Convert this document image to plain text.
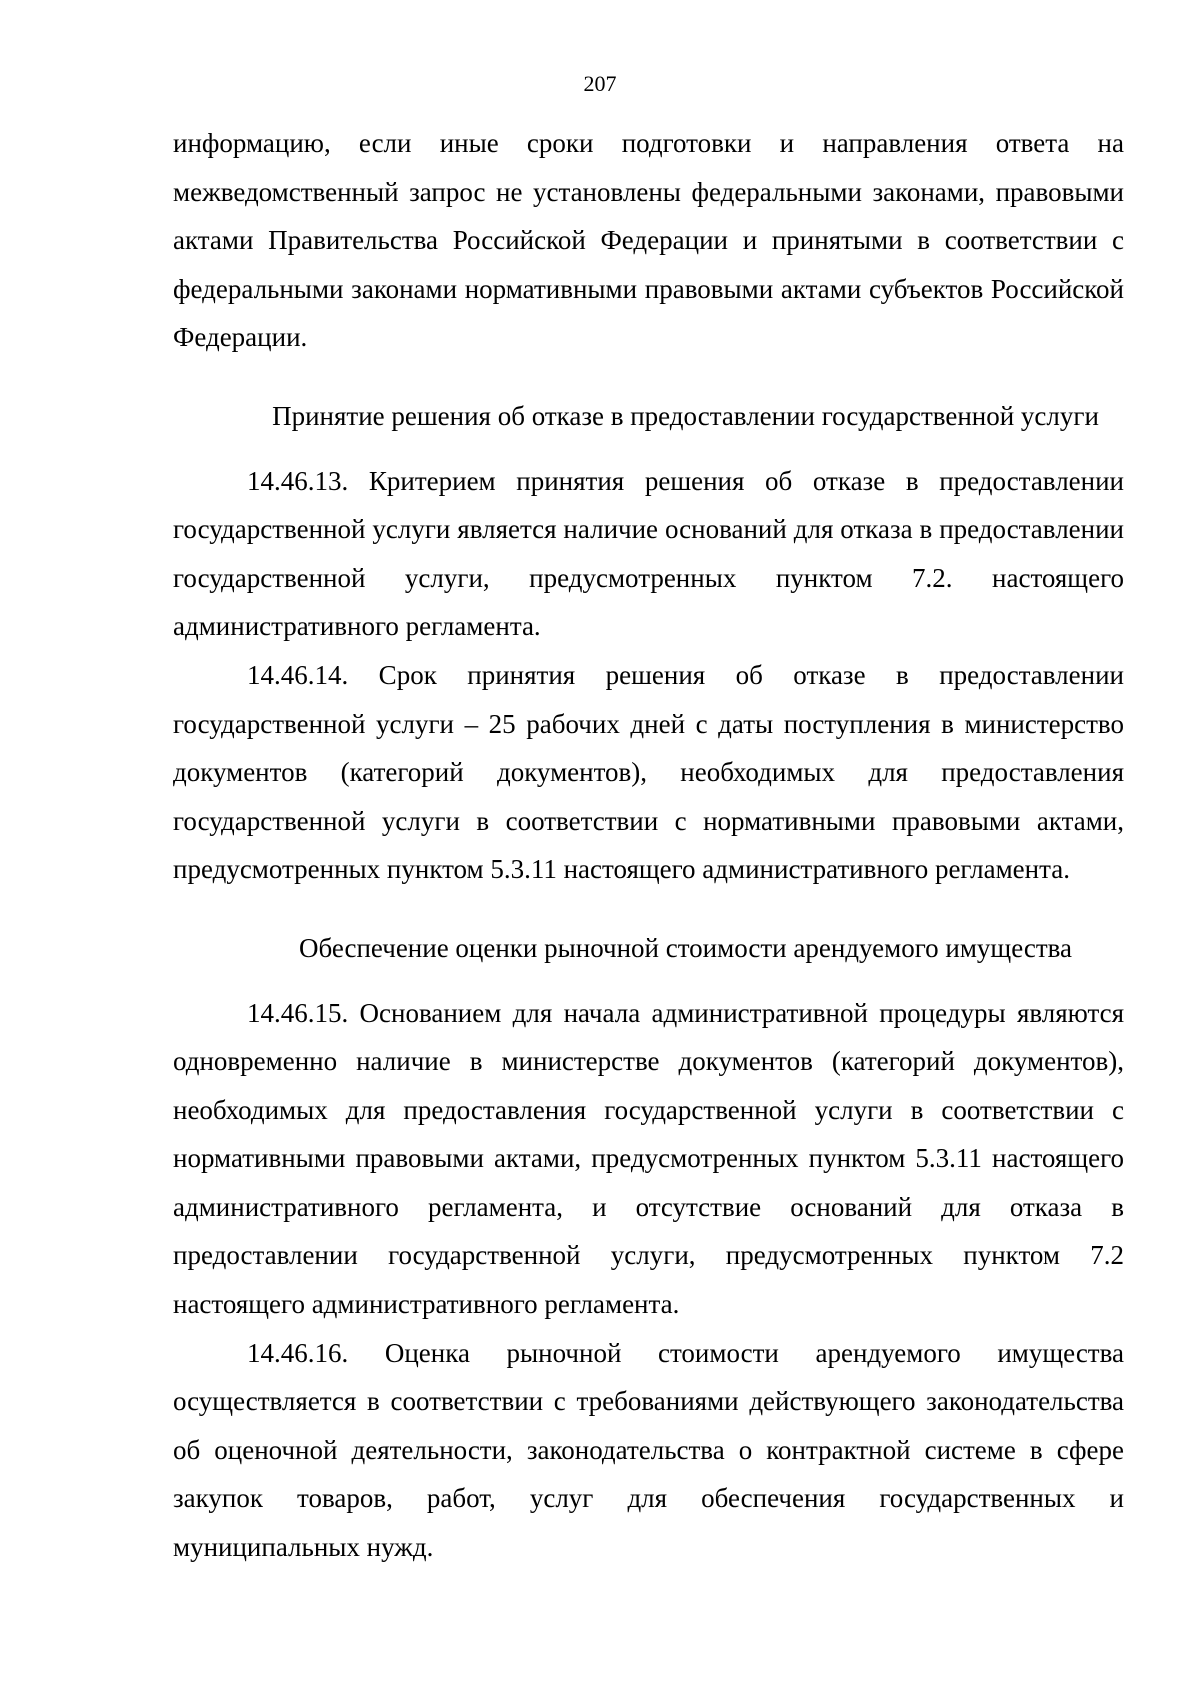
207

информацию, если иные сроки подготовки и направления ответа на межведомственный запрос не установлены федеральными законами, правовыми актами Правительства Российской Федерации и принятыми в соответствии с федеральными законами нормативными правовыми актами субъектов Российской Федерации.

Принятие решения об отказе в предоставлении государственной услуги

14.46.13. Критерием принятия решения об отказе в предоставлении государственной услуги является наличие оснований для отказа в предоставлении государственной услуги, предусмотренных пунктом 7.2. настоящего административного регламента.

14.46.14. Срок принятия решения об отказе в предоставлении государственной услуги – 25 рабочих дней с даты поступления в министерство документов (категорий документов), необходимых для предоставления государственной услуги в соответствии с нормативными правовыми актами, предусмотренных пунктом 5.3.11 настоящего административного регламента.

Обеспечение оценки рыночной стоимости арендуемого имущества

14.46.15. Основанием для начала административной процедуры являются одновременно наличие в министерстве документов (категорий документов), необходимых для предоставления государственной услуги в соответствии с нормативными правовыми актами, предусмотренных пунктом 5.3.11 настоящего административного регламента, и отсутствие оснований для отказа в предоставлении государственной услуги, предусмотренных пунктом 7.2 настоящего административного регламента.

14.46.16. Оценка рыночной стоимости арендуемого имущества осуществляется в соответствии с требованиями действующего законодательства об оценочной деятельности, законодательства о контрактной системе в сфере закупок товаров, работ, услуг для обеспечения государственных и муниципальных нужд.
